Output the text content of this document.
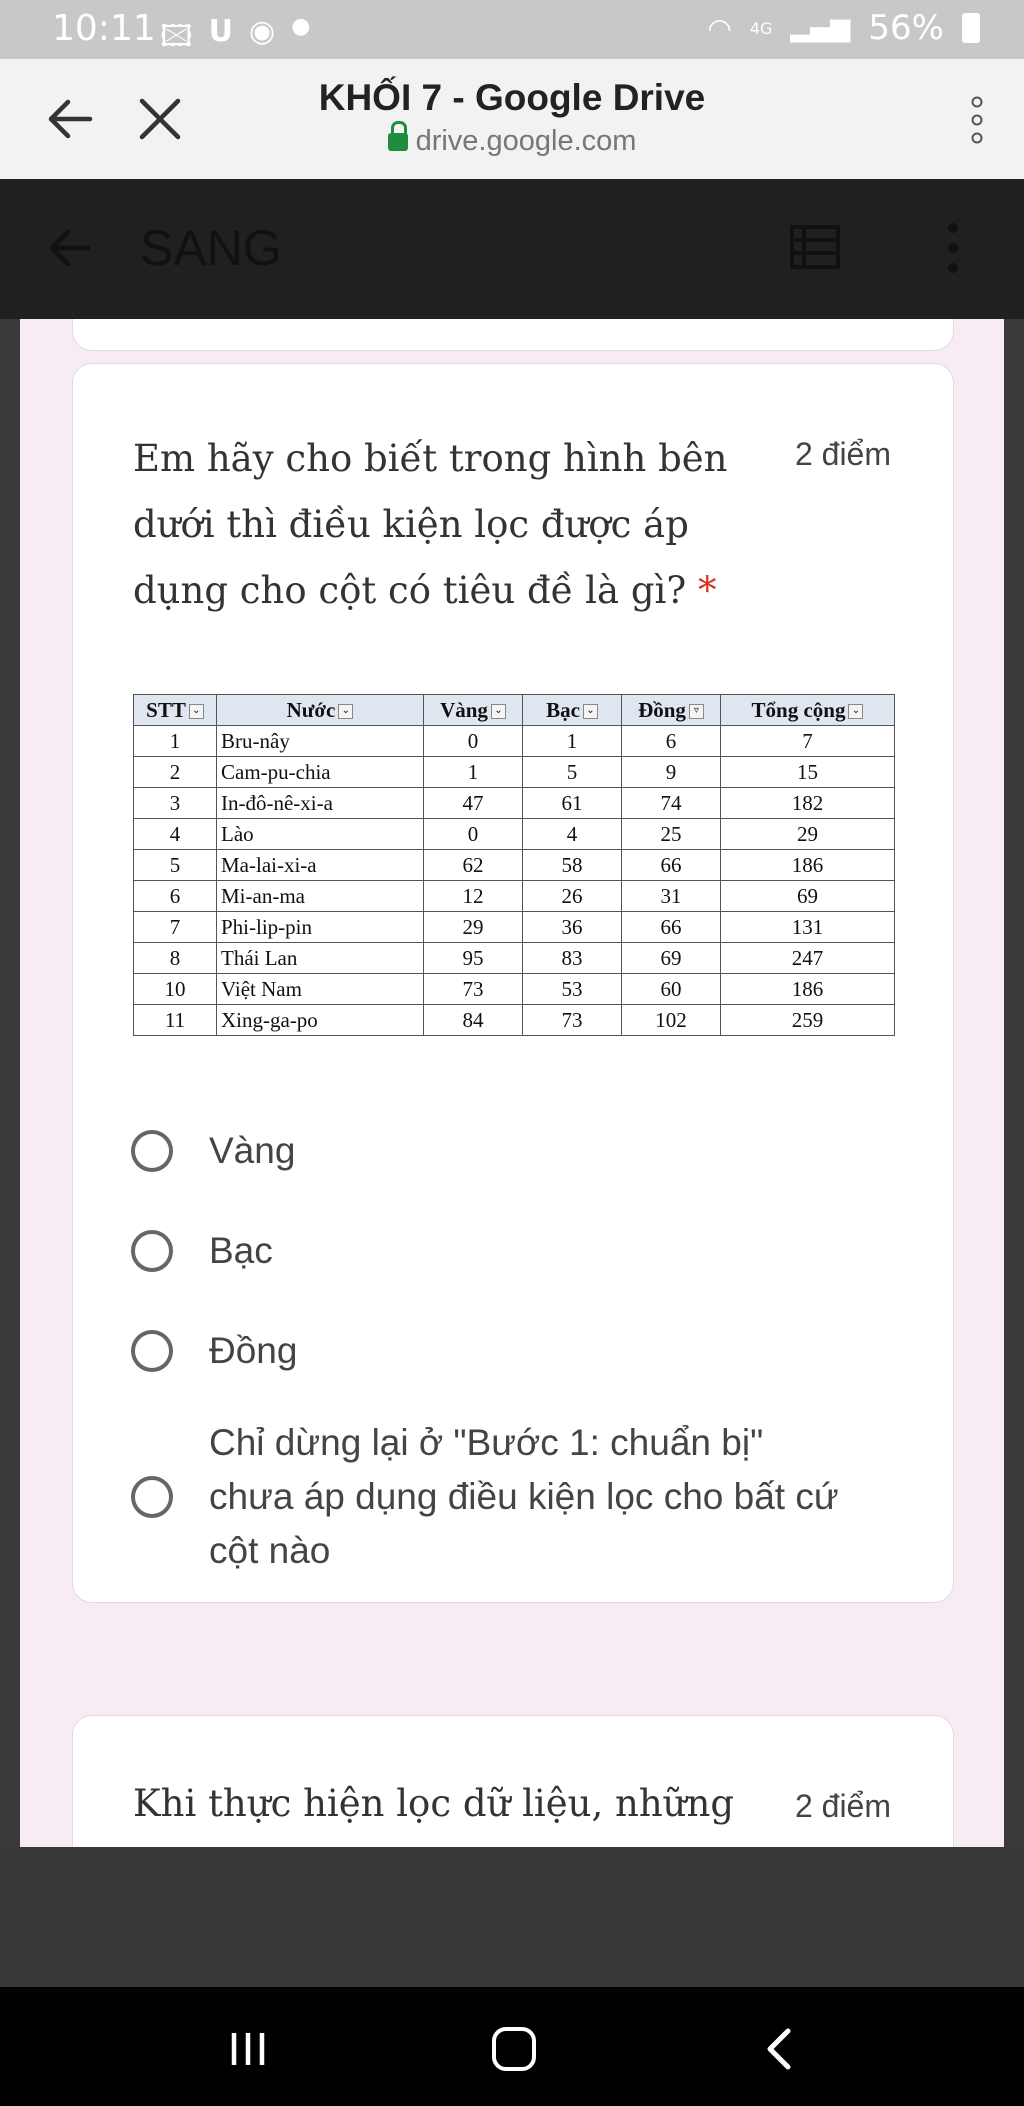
10:11 🖾 U ◉ ●	◠ 4G ▂▄▆ 56%
KHỐI 7 - Google Drive
drive.google.com
SANG
Em hãy cho biết trong hình bên dưới thì điều kiện lọc được áp dụng cho cột có tiêu đề là gì? *
2 điểm
STT ⌄	Nước ⌄	Vàng ⌄	Bạc ⌄	Đồng ▿	Tổng cộng ⌄
1	Bru-nây	0	1	6	7
2	Cam-pu-chia	1	5	9	15
3	In-đô-nê-xi-a	47	61	74	182
4	Lào	0	4	25	29
5	Ma-lai-xi-a	62	58	66	186
6	Mi-an-ma	12	26	31	69
7	Phi-lip-pin	29	36	66	131
8	Thái Lan	95	83	69	247
10	Việt Nam	73	53	60	186
11	Xing-ga-po	84	73	102	259
Vàng
Bạc
Đồng
Chỉ dừng lại ở "Bước 1: chuẩn bị" chưa áp dụng điều kiện lọc cho bất cứ cột nào
Khi thực hiện lọc dữ liệu, những 2 điểm
